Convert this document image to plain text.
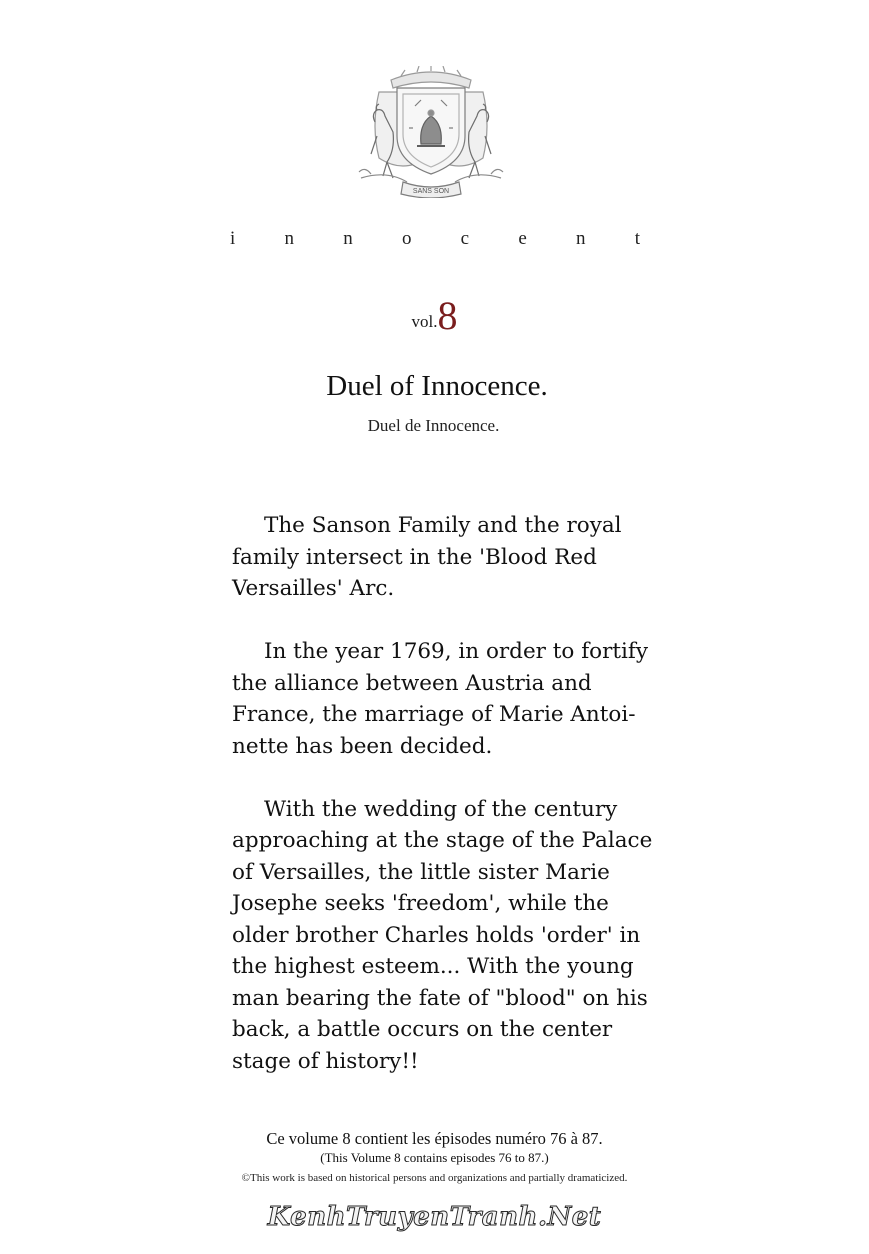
SANS SON
i	n	n	o	c	e	n	t
vol.8
Duel of Innocence.
Duel de Innocence.

The Sanson Family and the royal family intersect in the 'Blood Red Versailles' Arc.

In the year 1769, in order to fortify the alliance between Austria and France, the marriage of Marie Antoi-nette has been decided.

With the wedding of the century approaching at the stage of the Palace of Versailles, the little sister Marie Josephe seeks 'freedom', while the older brother Charles holds 'order' in the highest esteem... With the young man bearing the fate of "blood" on his back, a battle occurs on the center stage of history!!

Ce volume 8 contient les épisodes numéro 76 à 87.
(This Volume 8 contains episodes 76 to 87.)
©This work is based on historical persons and organizations and partially dramaticized.
KenhTruyenTranh.Net
